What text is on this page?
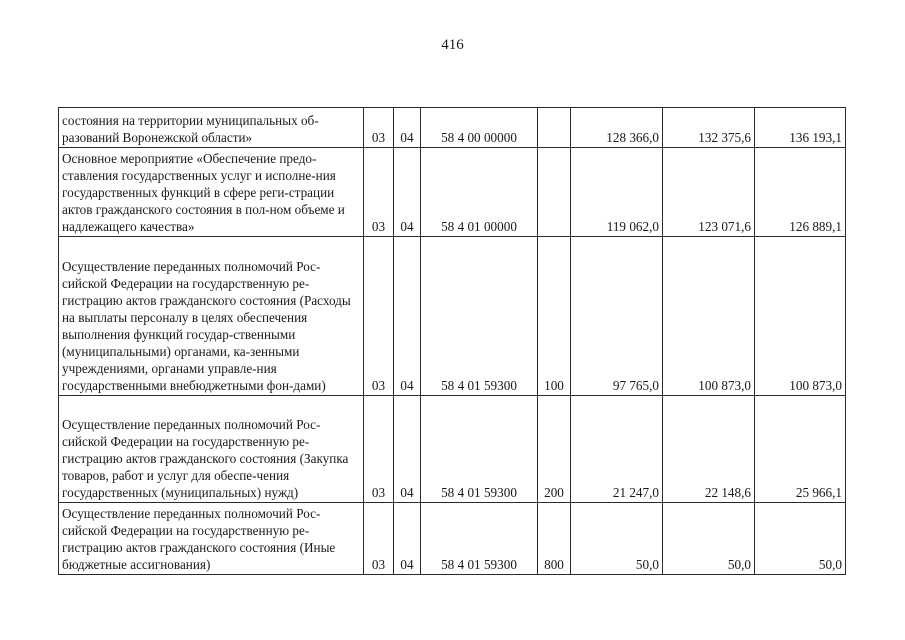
416
состояния на территории муниципальных об-разований Воронежской области»	03	04	58 4 00 00000		128 366,0	132 375,6	136 193,1
Основное мероприятие «Обеспечение предо-ставления государственных услуг и исполне-ния государственных функций в сфере реги-страции актов гражданского состояния в пол-ном объеме и надлежащего качества»	03	04	58 4 01 00000		119 062,0	123 071,6	126 889,1
Осуществление переданных полномочий Рос-сийской Федерации на государственную ре-гистрацию актов гражданского состояния (Расходы на выплаты персоналу в целях обеспечения выполнения функций государ-ственными (муниципальными) органами, ка-зенными учреждениями, органами управле-ния государственными внебюджетными фон-дами)	03	04	58 4 01 59300	100	97 765,0	100 873,0	100 873,0
Осуществление переданных полномочий Рос-сийской Федерации на государственную ре-гистрацию актов гражданского состояния (Закупка товаров, работ и услуг для обеспе-чения государственных (муниципальных) нужд)	03	04	58 4 01 59300	200	21 247,0	22 148,6	25 966,1
Осуществление переданных полномочий Рос-сийской Федерации на государственную ре-гистрацию актов гражданского состояния (Иные бюджетные ассигнования)	03	04	58 4 01 59300	800	50,0	50,0	50,0
